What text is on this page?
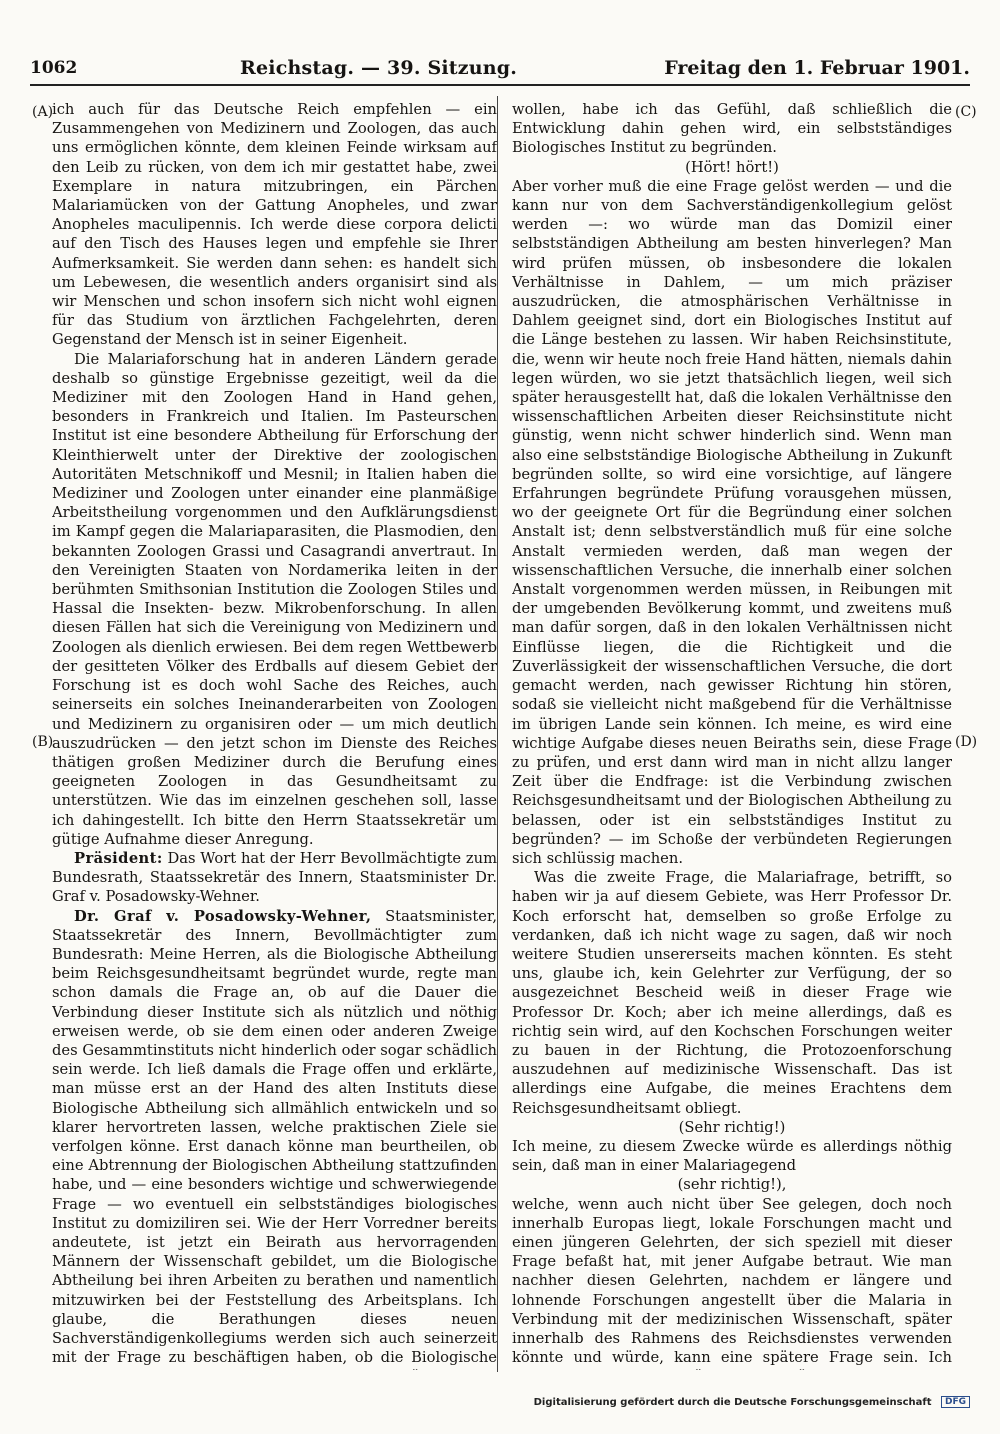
1062	Reichstag. — 39. Sitzung.	Freitag den 1. Februar 1901.
(A)
(B)
(C)
(D)

ich auch für das Deutsche Reich empfehlen — ein Zusammengehen von Medizinern und Zoologen, das auch uns ermöglichen könnte, dem kleinen Feinde wirksam auf den Leib zu rücken, von dem ich mir gestattet habe, zwei Exemplare in natura mitzubringen, ein Pärchen Malariamücken von der Gattung Anopheles, und zwar Anopheles maculipennis. Ich werde diese corpora delicti auf den Tisch des Hauses legen und empfehle sie Ihrer Aufmerksamkeit. Sie werden dann sehen: es handelt sich um Lebewesen, die wesentlich anders organisirt sind als wir Menschen und schon insofern sich nicht wohl eignen für das Studium von ärztlichen Fachgelehrten, deren Gegenstand der Mensch ist in seiner Eigenheit.

Die Malariaforschung hat in anderen Ländern gerade deshalb so günstige Ergebnisse gezeitigt, weil da die Mediziner mit den Zoologen Hand in Hand gehen, besonders in Frankreich und Italien. Im Pasteurschen Institut ist eine besondere Abtheilung für Erforschung der Kleinthierwelt unter der Direktive der zoologischen Autoritäten Metschnikoff und Mesnil; in Italien haben die Mediziner und Zoologen unter einander eine planmäßige Arbeitstheilung vorgenommen und den Aufklärungsdienst im Kampf gegen die Malariaparasiten, die Plasmodien, den bekannten Zoologen Grassi und Casagrandi anvertraut. In den Vereinigten Staaten von Nordamerika leiten in der berühmten Smithsonian Institution die Zoologen Stiles und Hassal die Insekten- bezw. Mikrobenforschung. In allen diesen Fällen hat sich die Vereinigung von Medizinern und Zoologen als dienlich erwiesen. Bei dem regen Wettbewerb der gesitteten Völker des Erdballs auf diesem Gebiet der Forschung ist es doch wohl Sache des Reiches, auch seinerseits ein solches Ineinanderarbeiten von Zoologen und Medizinern zu organisiren oder — um mich deutlich auszudrücken — den jetzt schon im Dienste des Reiches thätigen großen Mediziner durch die Berufung eines geeigneten Zoologen in das Gesundheitsamt zu unterstützen. Wie das im einzelnen geschehen soll, lasse ich dahingestellt. Ich bitte den Herrn Staatssekretär um gütige Aufnahme dieser Anregung.

Präsident: Das Wort hat der Herr Bevollmächtigte zum Bundesrath, Staatssekretär des Innern, Staatsminister Dr. Graf v. Posadowsky-Wehner.

Dr. Graf v. Posadowsky-Wehner, Staatsminister, Staatssekretär des Innern, Bevollmächtigter zum Bundesrath: Meine Herren, als die Biologische Abtheilung beim Reichsgesundheitsamt begründet wurde, regte man schon damals die Frage an, ob auf die Dauer die Verbindung dieser Institute sich als nützlich und nöthig erweisen werde, ob sie dem einen oder anderen Zweige des Gesammtinstituts nicht hinderlich oder sogar schädlich sein werde. Ich ließ damals die Frage offen und erklärte, man müsse erst an der Hand des alten Instituts diese Biologische Abtheilung sich allmählich entwickeln und so klarer hervortreten lassen, welche praktischen Ziele sie verfolgen könne. Erst danach könne man beurtheilen, ob eine Abtrennung der Biologischen Abtheilung stattzufinden habe, und — eine besonders wichtige und schwerwiegende Frage — wo eventuell ein selbstständiges biologisches Institut zu domiziliren sei. Wie der Herr Vorredner bereits andeutete, ist jetzt ein Beirath aus hervorragenden Männern der Wissenschaft gebildet, um die Biologische Abtheilung bei ihren Arbeiten zu berathen und namentlich mitzuwirken bei der Feststellung des Arbeitsplans. Ich glaube, die Berathungen dieses neuen Sachverständigenkollegiums werden sich auch seinerzeit mit der Frage zu beschäftigen haben, ob die Biologische

wollen, habe ich das Gefühl, daß schließlich die Entwicklung dahin gehen wird, ein selbstständiges Biologisches Institut zu begründen.

(Hört! hört!)

Aber vorher muß die eine Frage gelöst werden — und die kann nur von dem Sachverständigenkollegium gelöst werden —: wo würde man das Domizil einer selbstständigen Abtheilung am besten hinverlegen? Man wird prüfen müssen, ob insbesondere die lokalen Verhältnisse in Dahlem, — um mich präziser auszudrücken, die atmosphärischen Verhältnisse in Dahlem geeignet sind, dort ein Biologisches Institut auf die Länge bestehen zu lassen. Wir haben Reichsinstitute, die, wenn wir heute noch freie Hand hätten, niemals dahin legen würden, wo sie jetzt thatsächlich liegen, weil sich später herausgestellt hat, daß die lokalen Verhältnisse den wissenschaftlichen Arbeiten dieser Reichsinstitute nicht günstig, wenn nicht schwer hinderlich sind. Wenn man also eine selbstständige Biologische Abtheilung in Zukunft begründen sollte, so wird eine vorsichtige, auf längere Erfahrungen begründete Prüfung vorausgehen müssen, wo der geeignete Ort für die Begründung einer solchen Anstalt ist; denn selbstverständlich muß für eine solche Anstalt vermieden werden, daß man wegen der wissenschaftlichen Versuche, die innerhalb einer solchen Anstalt vorgenommen werden müssen, in Reibungen mit der umgebenden Bevölkerung kommt, und zweitens muß man dafür sorgen, daß in den lokalen Verhältnissen nicht Einflüsse liegen, die die Richtigkeit und die Zuverlässigkeit der wissenschaftlichen Versuche, die dort gemacht werden, nach gewisser Richtung hin stören, sodaß sie vielleicht nicht maßgebend für die Verhältnisse im übrigen Lande sein können. Ich meine, es wird eine wichtige Aufgabe dieses neuen Beiraths sein, diese Frage zu prüfen, und erst dann wird man in nicht allzu langer Zeit über die Endfrage: ist die Verbindung zwischen Reichsgesundheitsamt und der Biologischen Abtheilung zu belassen, oder ist ein selbstständiges Institut zu begründen? — im Schoße der verbündeten Regierungen sich schlüssig machen.

Was die zweite Frage, die Malariafrage, betrifft, so haben wir ja auf diesem Gebiete, was Herr Professor Dr. Koch erforscht hat, demselben so große Erfolge zu verdanken, daß ich nicht wage zu sagen, daß wir noch weitere Studien unsererseits machen könnten. Es steht uns, glaube ich, kein Gelehrter zur Verfügung, der so ausgezeichnet Bescheid weiß in dieser Frage wie Professor Dr. Koch; aber ich meine allerdings, daß es richtig sein wird, auf den Kochschen Forschungen weiter zu bauen in der Richtung, die Protozoenforschung auszudehnen auf medizinische Wissenschaft. Das ist allerdings eine Aufgabe, die meines Erachtens dem Reichsgesundheitsamt obliegt.

(Sehr richtig!)

Ich meine, zu diesem Zwecke würde es allerdings nöthig sein, daß man in einer Malariagegend

(sehr richtig!),

welche, wenn auch nicht über See gelegen, doch noch innerhalb Europas liegt, lokale Forschungen macht und einen jüngeren Gelehrten, der sich speziell mit dieser Frage befaßt hat, mit jener Aufgabe betraut. Wie man nachher diesen Gelehrten, nachdem er längere und lohnende Forschungen angestellt über die Malaria in Verbindung mit der medizinischen Wissenschaft, später innerhalb des Rahmens des Reichsdienstes verwenden könnte und würde, kann eine spätere Frage sein. Ich

Digitalisierung gefördert durch die Deutsche Forschungsgemeinschaft DFG
